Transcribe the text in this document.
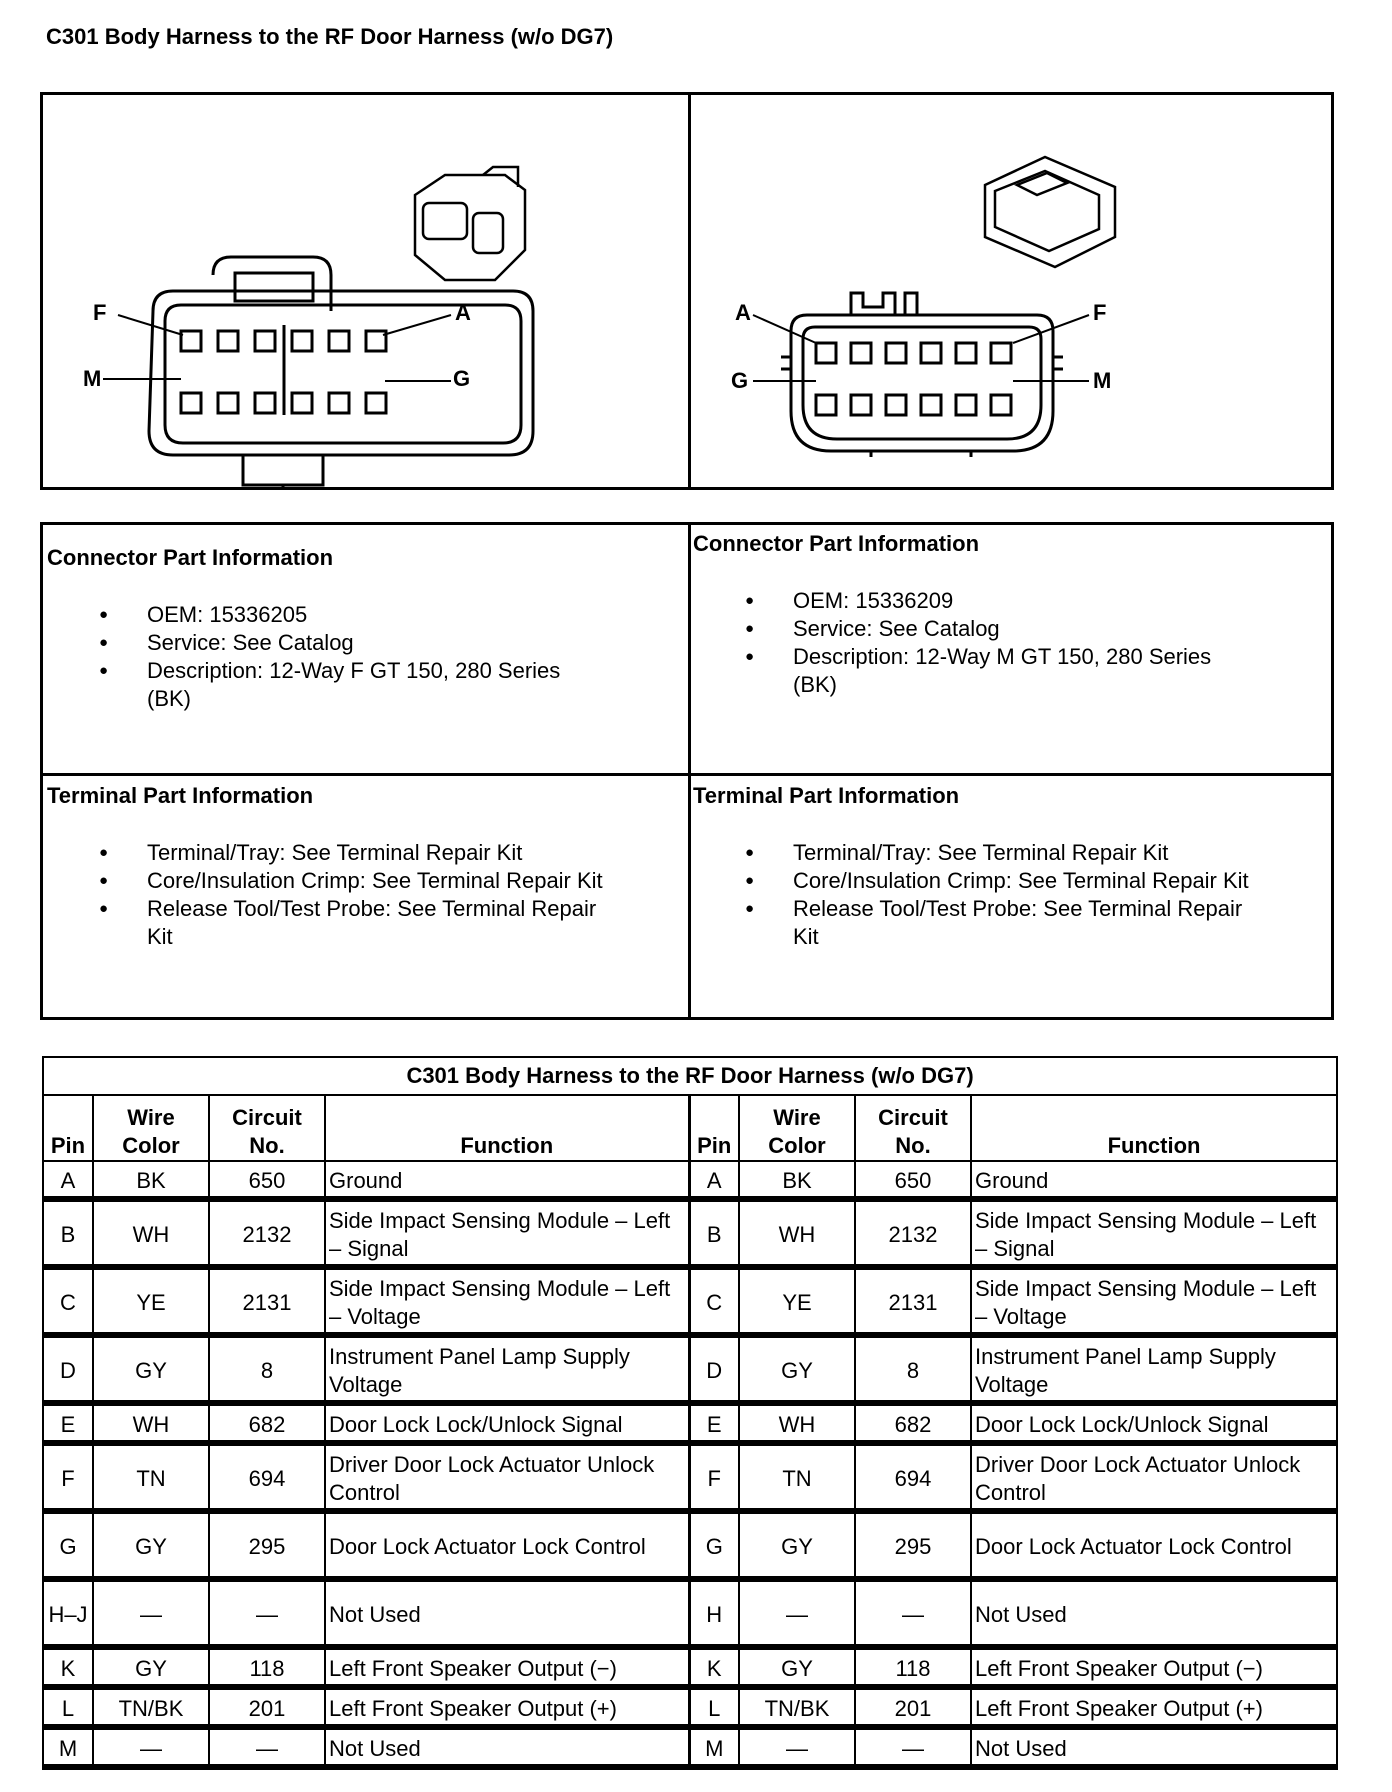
C301 Body Harness to the RF Door Harness (w/o DG7)
F
M
A
G
A
G
F
M
Connector Part Information
● OEM: 15336205
● Service: See Catalog
● Description: 12-Way F GT 150, 280 Series (BK)
Connector Part Information
● OEM: 15336209
● Service: See Catalog
● Description: 12-Way M GT 150, 280 Series (BK)
Terminal Part Information
● Terminal/Tray: See Terminal Repair Kit
● Core/Insulation Crimp: See Terminal Repair Kit
● Release Tool/Test Probe: See Terminal Repair Kit
Terminal Part Information
● Terminal/Tray: See Terminal Repair Kit
● Core/Insulation Crimp: See Terminal Repair Kit
● Release Tool/Test Probe: See Terminal Repair Kit
C301 Body Harness to the RF Door Harness (w/o DG7)							
Pin	Wire Color	Circuit No.	Function	Pin	Wire Color	Circuit No.	Function
A	BK	650	Ground	A	BK	650	Ground
B	WH	2132	Side Impact Sensing Module – Left – Signal	B	WH	2132	Side Impact Sensing Module – Left – Signal
C	YE	2131	Side Impact Sensing Module – Left – Voltage	C	YE	2131	Side Impact Sensing Module – Left – Voltage
D	GY	8	Instrument Panel Lamp Supply Voltage	D	GY	8	Instrument Panel Lamp Supply Voltage
E	WH	682	Door Lock Lock/Unlock Signal	E	WH	682	Door Lock Lock/Unlock Signal
F	TN	694	Driver Door Lock Actuator Unlock Control	F	TN	694	Driver Door Lock Actuator Unlock Control
G	GY	295	Door Lock Actuator Lock Control	G	GY	295	Door Lock Actuator Lock Control
H–J	—	—	Not Used	H	—	—	Not Used
K	GY	118	Left Front Speaker Output (−)	K	GY	118	Left Front Speaker Output (−)
L	TN/BK	201	Left Front Speaker Output (+)	L	TN/BK	201	Left Front Speaker Output (+)
M	—	—	Not Used	M	—	—	Not Used
